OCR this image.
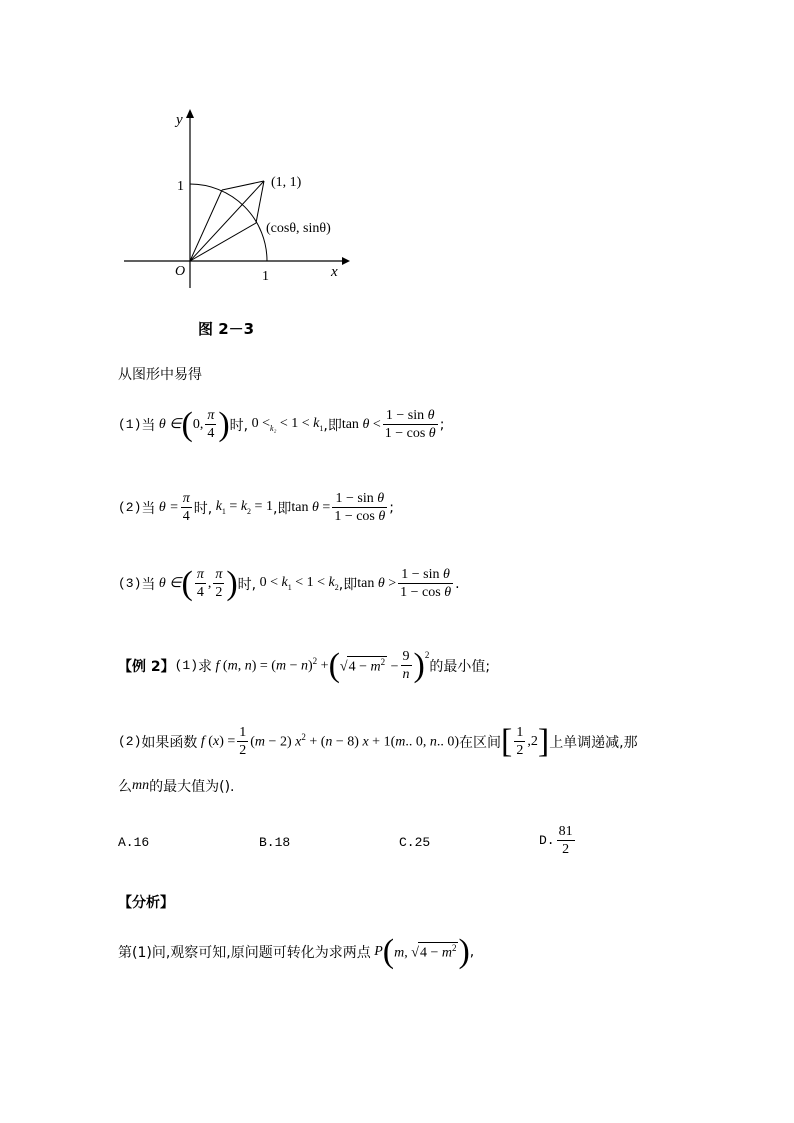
y
x
O
1
1
(1, 1)
(cosθ, sinθ)
图 2－3
从图形中易得
(1) 当 θ ∈ ( 0, $\frac{\pi}{4}$ ) 时, $0 <_{k_2} < 1 < k_1$ ,即 $\tan \theta < \frac{\text{1 − sin θ}}{\text{1 − cos θ}}$ ;
(2) 当 $\theta = \frac{\pi}{4}$ 时, $k_1 = k_2 = 1$ ,即 $\tan \theta = \frac{\text{1 − sin θ}}{\text{1 − cos θ}}$ ;
(3) 当 θ ∈ ( $\frac{\pi}{4}$ , $\frac{\pi}{2}$ ) 时, $0 < k_1 < 1 < k_2$ ,即 $\tan \theta > \frac{\text{1 − sin θ}}{\text{1 − cos θ}}$ .
【例 2】 (1) 求 f (m, $n) = (m - n)^2$ + ( $√4 - m^2 - \frac{9}{n} )^2$
的最小值;
(2) 如果函数 f $(x) = \frac{1}{2} (m - 2) x^2 + (n - 8) x + 1(m$.. 0, n.. 0) 在区间 [ $\frac{1}{2} ,2$ ] 上单调递减,那
么 mn 的最大值为().
A.16	B.18	C.25	D. $\frac{81}{2}$
【分析】
第(1)问,观察可知,原问题可转化为求两点 P ( m, $√4 - m^2$ ) ,
